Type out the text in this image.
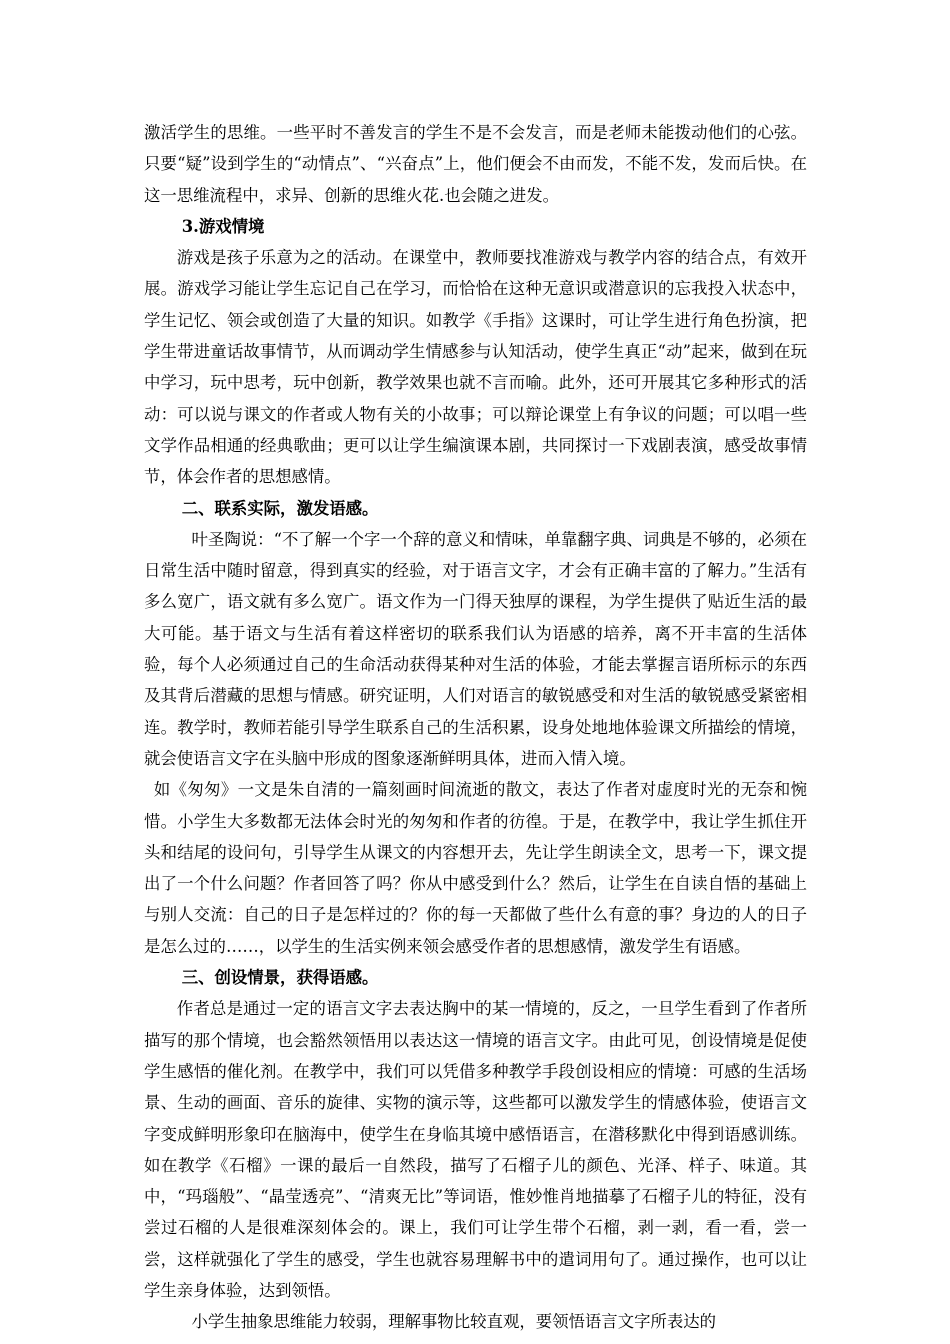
激活学生的思维。一些平时不善发言的学生不是不会发言，而是老师未能拨动他们的心弦。只要“疑”设到学生的“动情点”、“兴奋点”上，他们便会不由而发，不能不发，发而后快。在这一思维流程中，求异、创新的思维火花.也会随之进发。

3.游戏情境

游戏是孩子乐意为之的活动。在课堂中，教师要找准游戏与教学内容的结合点，有效开展。游戏学习能让学生忘记自己在学习，而恰恰在这种无意识或潜意识的忘我投入状态中，学生记忆、领会或创造了大量的知识。如教学《手指》这课时，可让学生进行角色扮演，把学生带进童话故事情节，从而调动学生情感参与认知活动，使学生真正“动”起来，做到在玩中学习，玩中思考，玩中创新，教学效果也就不言而喻。此外，还可开展其它多种形式的活动：可以说与课文的作者或人物有关的小故事；可以辩论课堂上有争议的问题；可以唱一些文学作品相通的经典歌曲；更可以让学生编演课本剧，共同探讨一下戏剧表演，感受故事情节，体会作者的思想感情。

二、联系实际，激发语感。

叶圣陶说：“不了解一个字一个辞的意义和情味，单靠翻字典、词典是不够的，必须在日常生活中随时留意，得到真实的经验，对于语言文字，才会有正确丰富的了解力。”生活有多么宽广，语文就有多么宽广。语文作为一门得天独厚的课程，为学生提供了贴近生活的最大可能。基于语文与生活有着这样密切的联系我们认为语感的培养，离不开丰富的生活体验，每个人必须通过自己的生命活动获得某种对生活的体验，才能去掌握言语所标示的东西及其背后潜藏的思想与情感。研究证明，人们对语言的敏锐感受和对生活的敏锐感受紧密相连。教学时，教师若能引导学生联系自己的生活积累，设身处地地体验课文所描绘的情境，就会使语言文字在头脑中形成的图象逐渐鲜明具体，进而入情入境。

如《匆匆》一文是朱自清的一篇刻画时间流逝的散文，表达了作者对虚度时光的无奈和惋惜。小学生大多数都无法体会时光的匆匆和作者的彷徨。于是，在教学中，我让学生抓住开头和结尾的设问句，引导学生从课文的内容想开去，先让学生朗读全文，思考一下，课文提出了一个什么问题？作者回答了吗？你从中感受到什么？然后，让学生在自读自悟的基础上与别人交流：自己的日子是怎样过的？你的每一天都做了些什么有意的事？身边的人的日子是怎么过的……，以学生的生活实例来领会感受作者的思想感情，激发学生有语感。

三、创设情景，获得语感。

作者总是通过一定的语言文字去表达胸中的某一情境的，反之，一旦学生看到了作者所描写的那个情境，也会豁然领悟用以表达这一情境的语言文字。由此可见，创设情境是促使学生感悟的催化剂。在教学中，我们可以凭借多种教学手段创设相应的情境：可感的生活场景、生动的画面、音乐的旋律、实物的演示等，这些都可以激发学生的情感体验，使语言文字变成鲜明形象印在脑海中，使学生在身临其境中感悟语言，在潜移默化中得到语感训练。如在教学《石榴》一课的最后一自然段，描写了石榴子儿的颜色、光泽、样子、味道。其中，“玛瑙般”、“晶莹透亮”、“清爽无比”等词语，惟妙惟肖地描摹了石榴子儿的特征，没有尝过石榴的人是很难深刻体会的。课上，我们可让学生带个石榴，剥一剥，看一看，尝一尝，这样就强化了学生的感受，学生也就容易理解书中的遣词用句了。通过操作，也可以让学生亲身体验，达到领悟。

小学生抽象思维能力较弱，理解事物比较直观，要领悟语言文字所表达的
